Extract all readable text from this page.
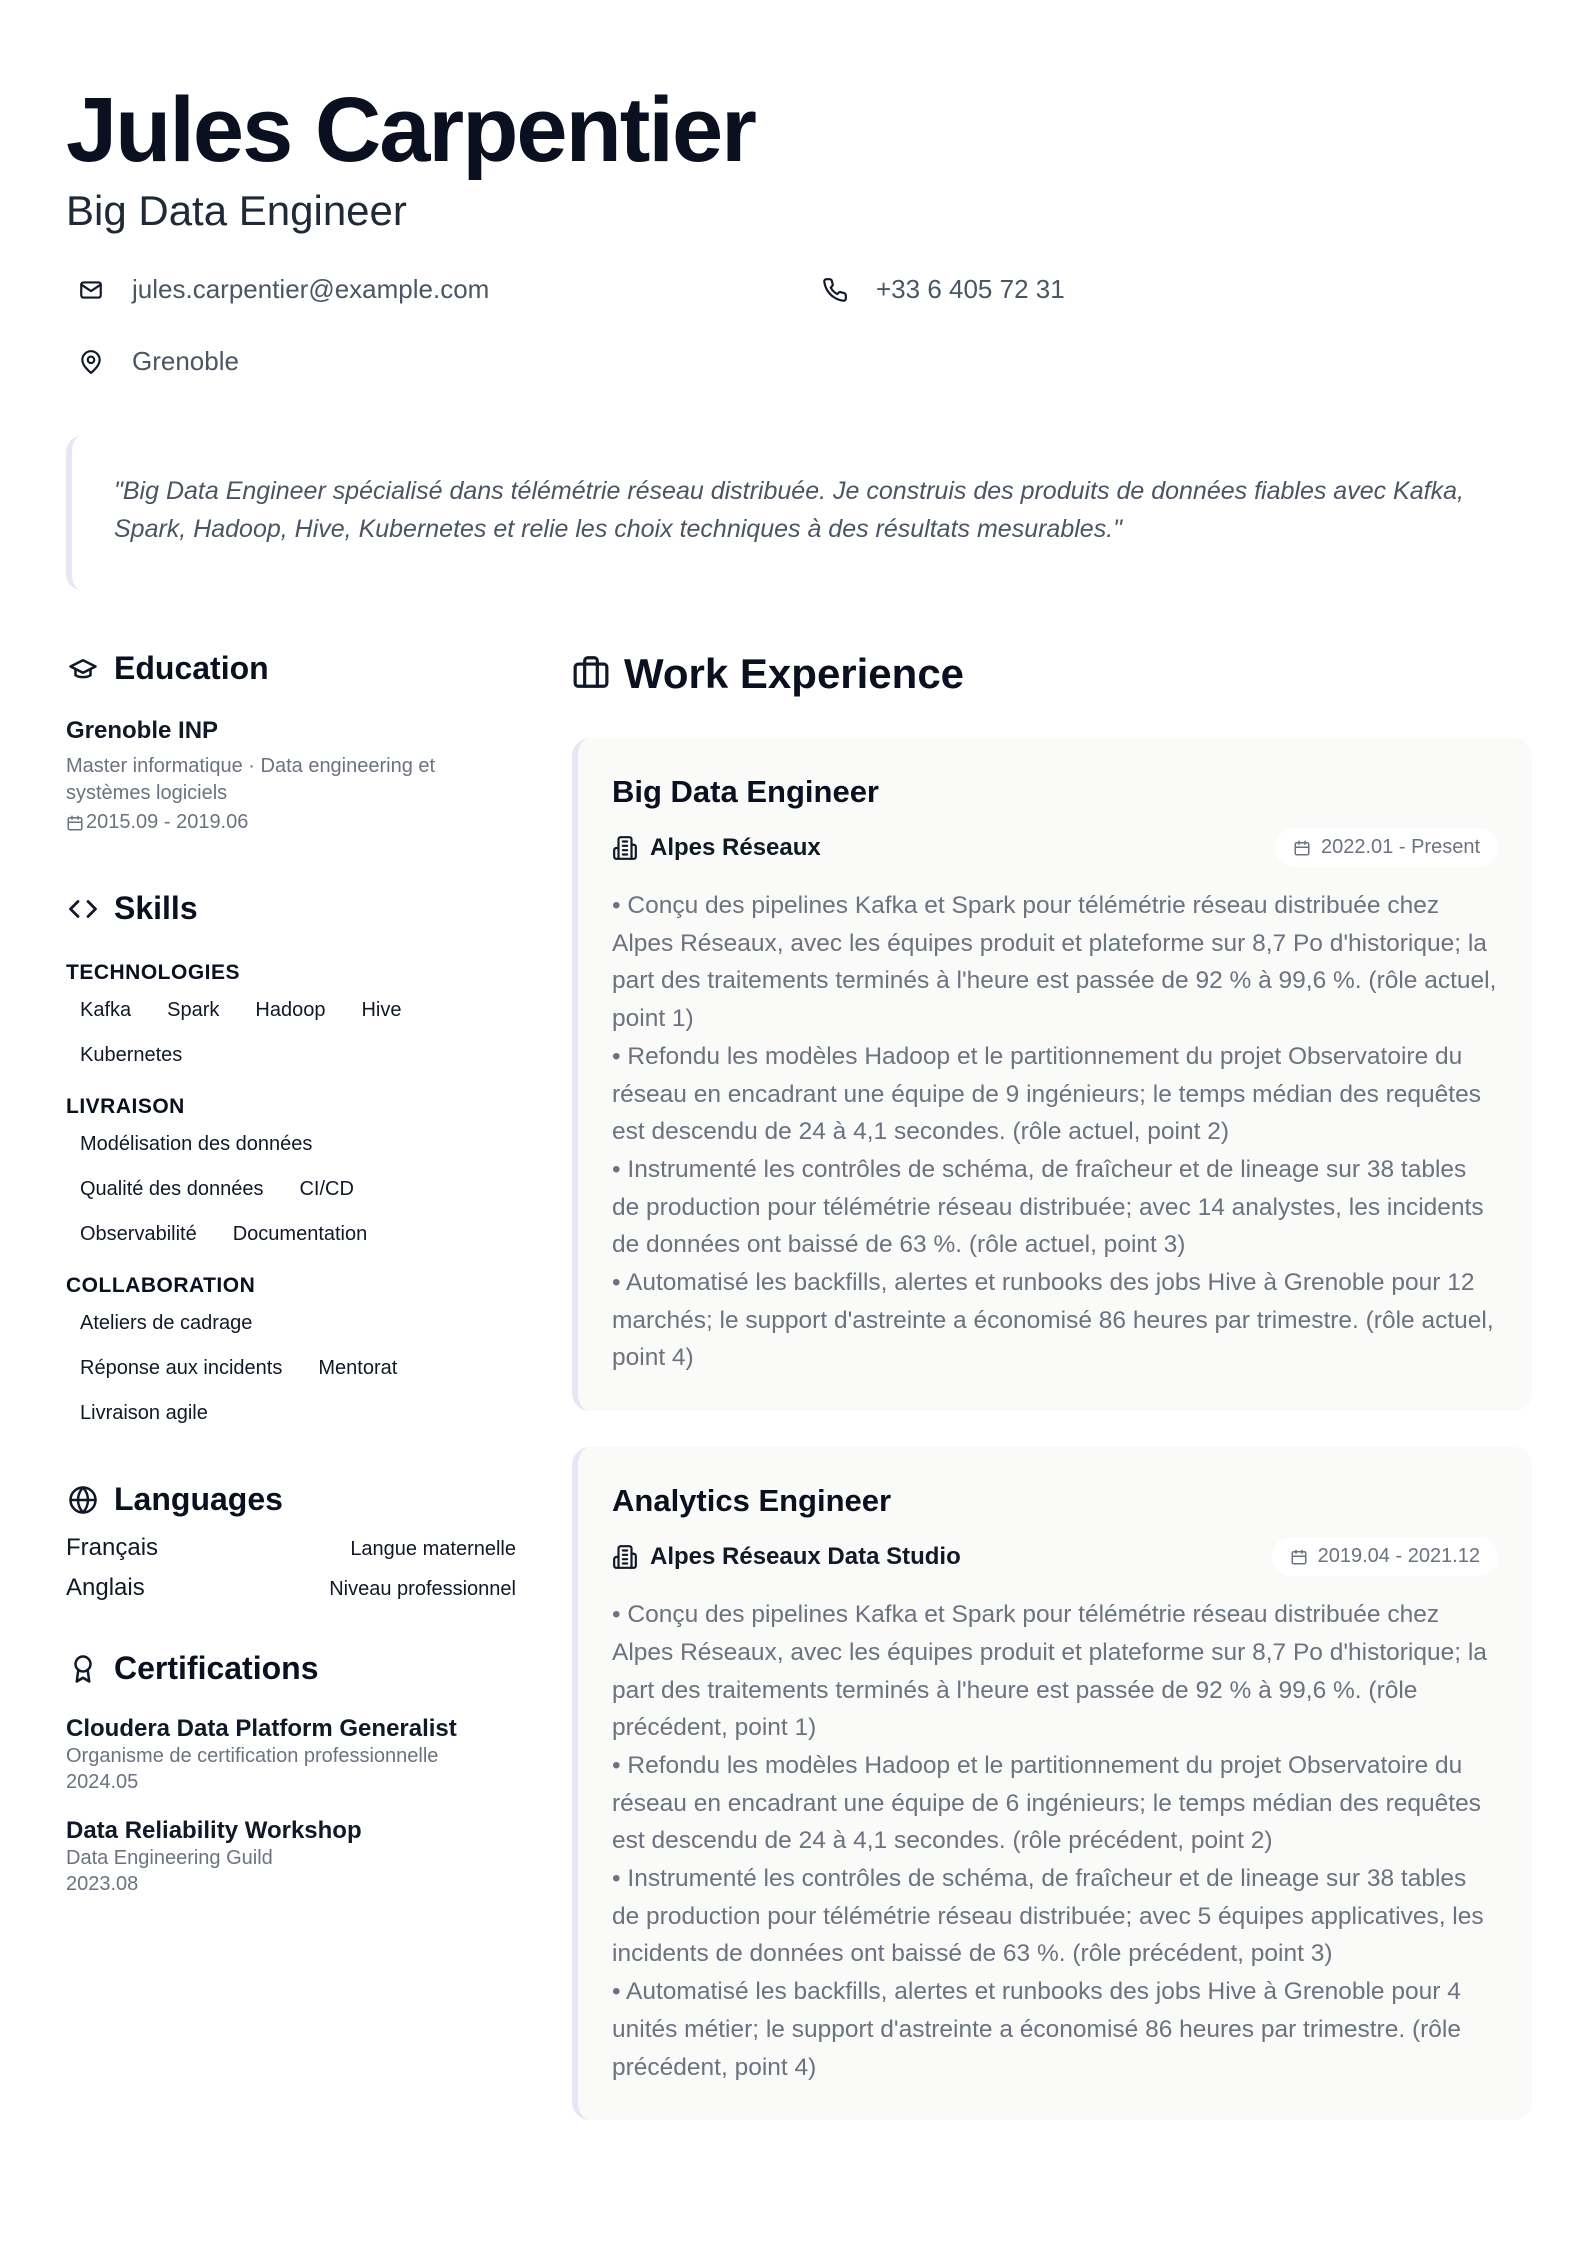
Jules Carpentier
Big Data Engineer
jules.carpentier@example.com	+33 6 405 72 31
Grenoble

"Big Data Engineer spécialisé dans télémétrie réseau distribuée. Je construis des produits de données fiables avec Kafka, Spark, Hadoop, Hive, Kubernetes et relie les choix techniques à des résultats mesurables."

Education
Grenoble INP
Master informatique · Data engineering et systèmes logiciels
2015.09 - 2019.06
Skills
TECHNOLOGIES
Kafka	Spark	Hadoop	Hive
Kubernetes
LIVRAISON
Modélisation des données
Qualité des données	CI/CD
Observabilité	Documentation
COLLABORATION
Ateliers de cadrage
Réponse aux incidents	Mentorat
Livraison agile
Languages
Français	Langue maternelle
Anglais	Niveau professionnel
Certifications
Cloudera Data Platform Generalist
Organisme de certification professionnelle
2024.05
Data Reliability Workshop
Data Engineering Guild
2023.08
Work Experience
Big Data Engineer
Alpes Réseaux	2022.01 - Present
• Conçu des pipelines Kafka et Spark pour télémétrie réseau distribuée chez Alpes Réseaux, avec les équipes produit et plateforme sur 8,7 Po d'historique; la part des traitements terminés à l'heure est passée de 92 % à 99,6 %. (rôle actuel, point 1)
• Refondu les modèles Hadoop et le partitionnement du projet Observatoire du réseau en encadrant une équipe de 9 ingénieurs; le temps médian des requêtes est descendu de 24 à 4,1 secondes. (rôle actuel, point 2)
• Instrumenté les contrôles de schéma, de fraîcheur et de lineage sur 38 tables de production pour télémétrie réseau distribuée; avec 14 analystes, les incidents de données ont baissé de 63 %. (rôle actuel, point 3)
• Automatisé les backfills, alertes et runbooks des jobs Hive à Grenoble pour 12 marchés; le support d'astreinte a économisé 86 heures par trimestre. (rôle actuel, point 4)
Analytics Engineer
Alpes Réseaux Data Studio	2019.04 - 2021.12
• Conçu des pipelines Kafka et Spark pour télémétrie réseau distribuée chez Alpes Réseaux, avec les équipes produit et plateforme sur 8,7 Po d'historique; la part des traitements terminés à l'heure est passée de 92 % à 99,6 %. (rôle précédent, point 1)
• Refondu les modèles Hadoop et le partitionnement du projet Observatoire du réseau en encadrant une équipe de 6 ingénieurs; le temps médian des requêtes est descendu de 24 à 4,1 secondes. (rôle précédent, point 2)
• Instrumenté les contrôles de schéma, de fraîcheur et de lineage sur 38 tables de production pour télémétrie réseau distribuée; avec 5 équipes applicatives, les incidents de données ont baissé de 63 %. (rôle précédent, point 3)
• Automatisé les backfills, alertes et runbooks des jobs Hive à Grenoble pour 4 unités métier; le support d'astreinte a économisé 86 heures par trimestre. (rôle précédent, point 4)
